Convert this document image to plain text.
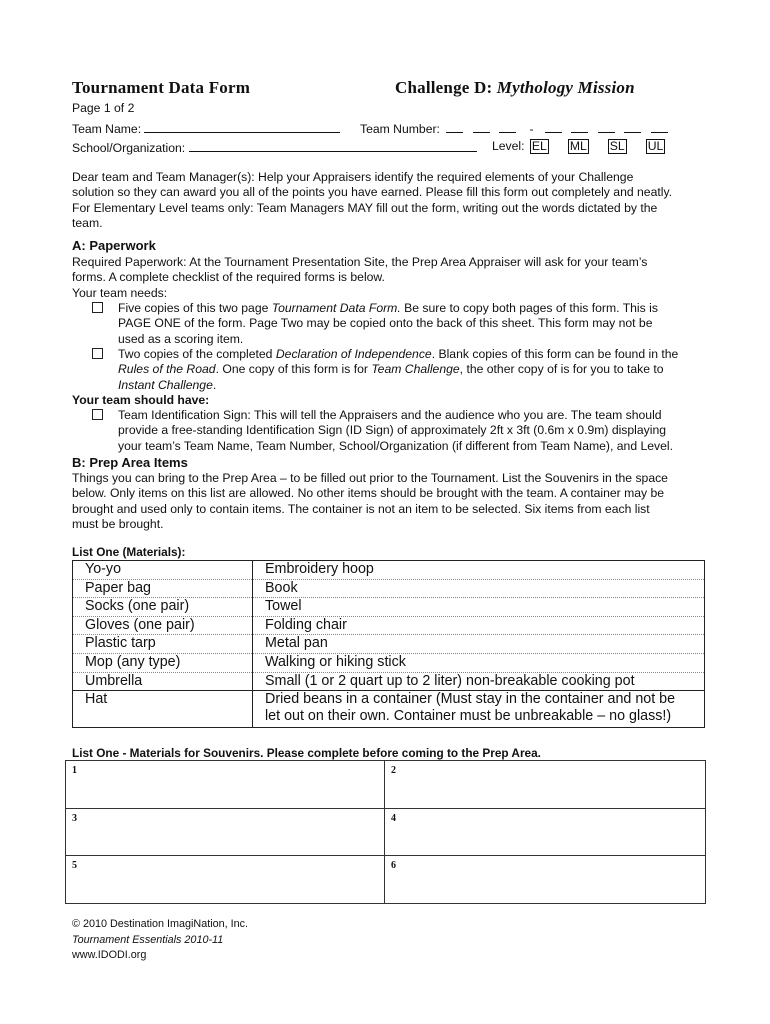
Tournament Data Form	Challenge D: Mythology Mission
Page 1 of 2
Team Name:	Team Number:	-
School/Organization:	Level: EL ML SL UL
Dear team and Team Manager(s): Help your Appraisers identify the required elements of your Challenge
solution so they can award you all of the points you have earned. Please fill this form out completely and neatly.
For Elementary Level teams only: Team Managers MAY fill out the form, writing out the words dictated by the
team.
A: Paperwork
Required Paperwork: At the Tournament Presentation Site, the Prep Area Appraiser will ask for your team’s
forms. A complete checklist of the required forms is below.
Your team needs:
Five copies of this two page Tournament Data Form. Be sure to copy both pages of this form. This is
PAGE ONE of the form. Page Two may be copied onto the back of this sheet. This form may not be
used as a scoring item.
Two copies of the completed Declaration of Independence. Blank copies of this form can be found in the
Rules of the Road. One copy of this form is for Team Challenge, the other copy of is for you to take to
Instant Challenge.
Your team should have:
Team Identification Sign: This will tell the Appraisers and the audience who you are. The team should
provide a free-standing Identification Sign (ID Sign) of approximately 2ft x 3ft (0.6m x 0.9m) displaying
your team’s Team Name, Team Number, School/Organization (if different from Team Name), and Level.
B: Prep Area Items
Things you can bring to the Prep Area – to be filled out prior to the Tournament. List the Souvenirs in the space
below. Only items on this list are allowed. No other items should be brought with the team. A container may be
brought and used only to contain items. The container is not an item to be selected. Six items from each list
must be brought.
List One (Materials):
Yo-yo	Embroidery hoop
Paper bag	Book
Socks (one pair)	Towel
Gloves (one pair)	Folding chair
Plastic tarp	Metal pan
Mop (any type)	Walking or hiking stick
Umbrella	Small (1 or 2 quart up to 2 liter) non-breakable cooking pot
Hat	Dried beans in a container (Must stay in the container and not be
let out on their own. Container must be unbreakable – no glass!)
List One - Materials for Souvenirs. Please complete before coming to the Prep Area.
1	2
3	4
5	6
© 2010 Destination ImagiNation, Inc.
Tournament Essentials 2010-11
www.IDODI.org
